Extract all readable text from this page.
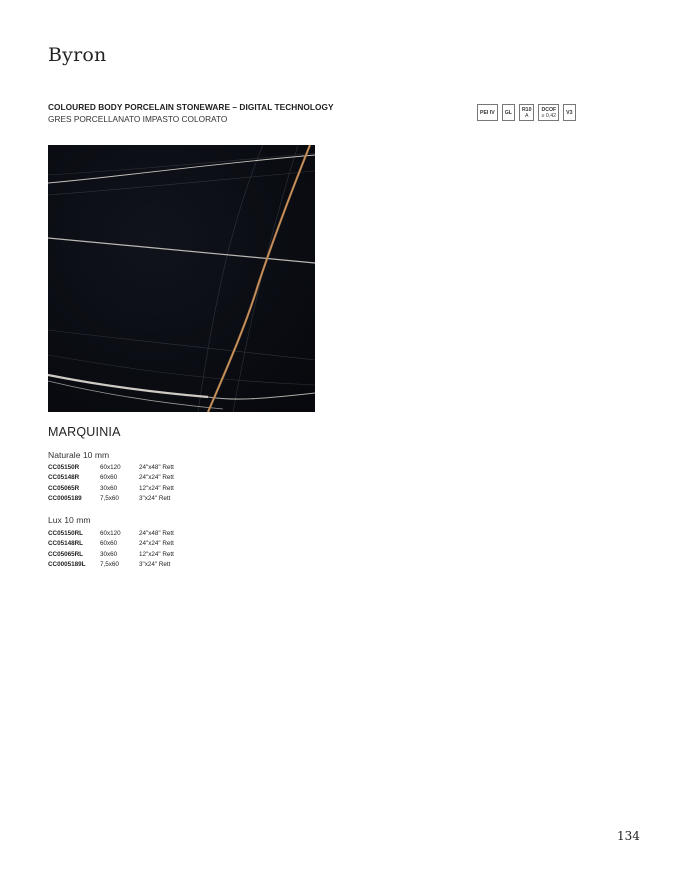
Byron
COLOURED BODY PORCELAIN STONEWARE – DIGITAL TECHNOLOGY
GRES PORCELLANATO IMPASTO COLORATO
PEI IV GL R10
A
DCOF
≥ 0,42 V3
MARQUINIA
Naturale 10 mm
CC05150R	60x120	24"x48" Rett
CC05148R	60x60	24"x24" Rett
CC05065R	30x60	12"x24" Rett
CC0005189	7,5x60	3"x24" Rett
Lux 10 mm
CC05150RL	60x120	24"x48" Rett
CC05148RL	60x60	24"x24" Rett
CC05065RL	30x60	12"x24" Rett
CC0005189L	7,5x60	3"x24" Rett
134
